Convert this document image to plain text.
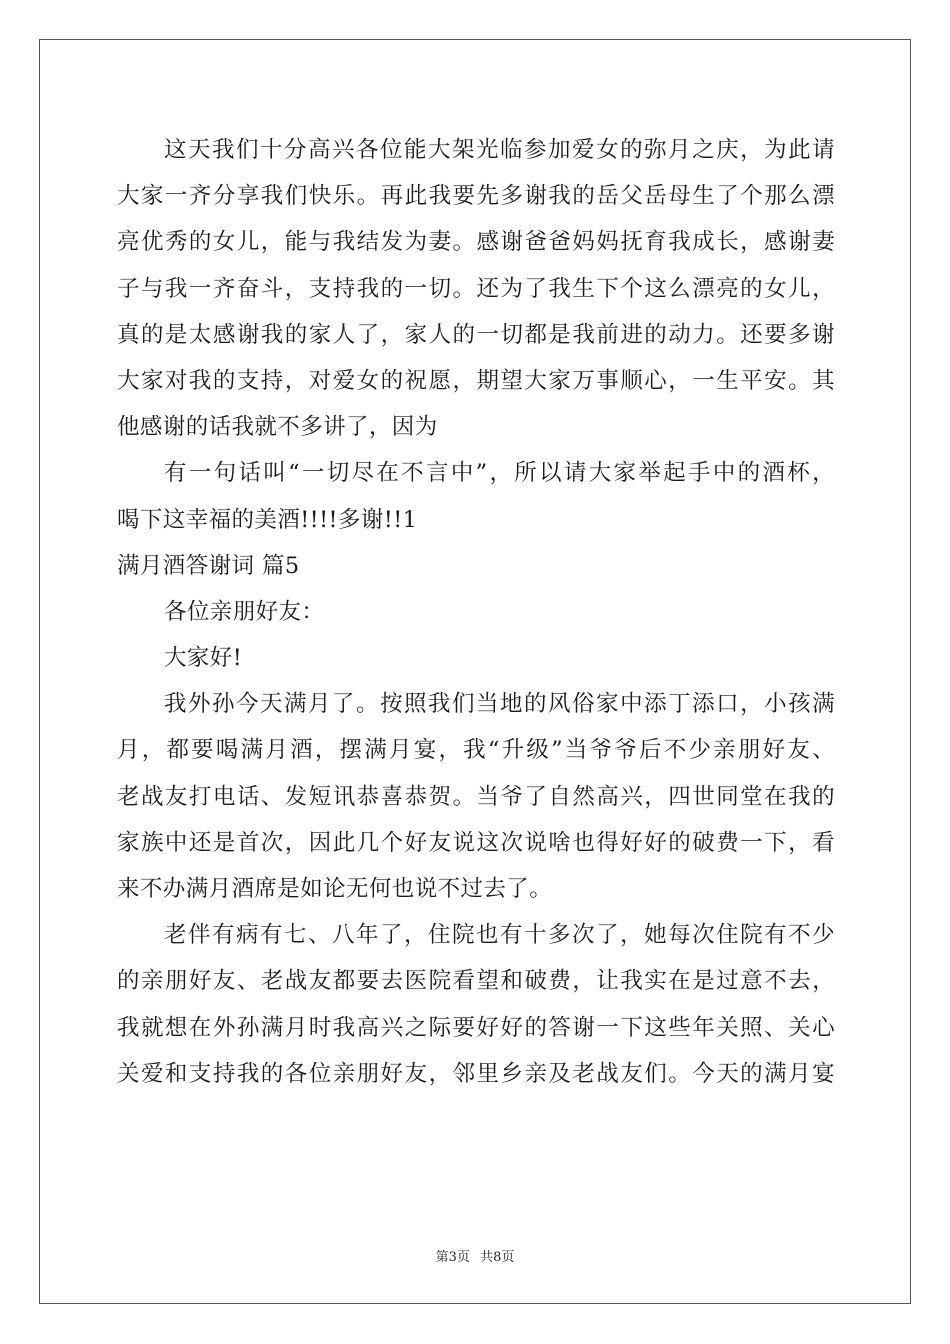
这天我们十分高兴各位能大架光临参加爱女的弥月之庆，为此请
大家一齐分享我们快乐。再此我要先多谢我的岳父岳母生了个那么漂
亮优秀的女儿，能与我结发为妻。感谢爸爸妈妈抚育我成长，感谢妻
子与我一齐奋斗，支持我的一切。还为了我生下个这么漂亮的女儿，
真的是太感谢我的家人了，家人的一切都是我前进的动力。还要多谢
大家对我的支持，对爱女的祝愿，期望大家万事顺心，一生平安。其
他感谢的话我就不多讲了，因为
有一句话叫“一切尽在不言中”，所以请大家举起手中的酒杯，
喝下这幸福的美酒!!!!多谢!!1
满月酒答谢词 篇5
各位亲朋好友：
大家好!
我外孙今天满月了。按照我们当地的风俗家中添丁添口，小孩满
月，都要喝满月酒，摆满月宴，我“升级”当爷爷后不少亲朋好友、
老战友打电话、发短讯恭喜恭贺。当爷了自然高兴，四世同堂在我的
家族中还是首次，因此几个好友说这次说啥也得好好的破费一下，看
来不办满月酒席是如论无何也说不过去了。
老伴有病有七、八年了，住院也有十多次了，她每次住院有不少
的亲朋好友、老战友都要去医院看望和破费，让我实在是过意不去，
我就想在外孙满月时我高兴之际要好好的答谢一下这些年关照、关心
关爱和支持我的各位亲朋好友，邻里乡亲及老战友们。今天的满月宴
第3页 共8页
